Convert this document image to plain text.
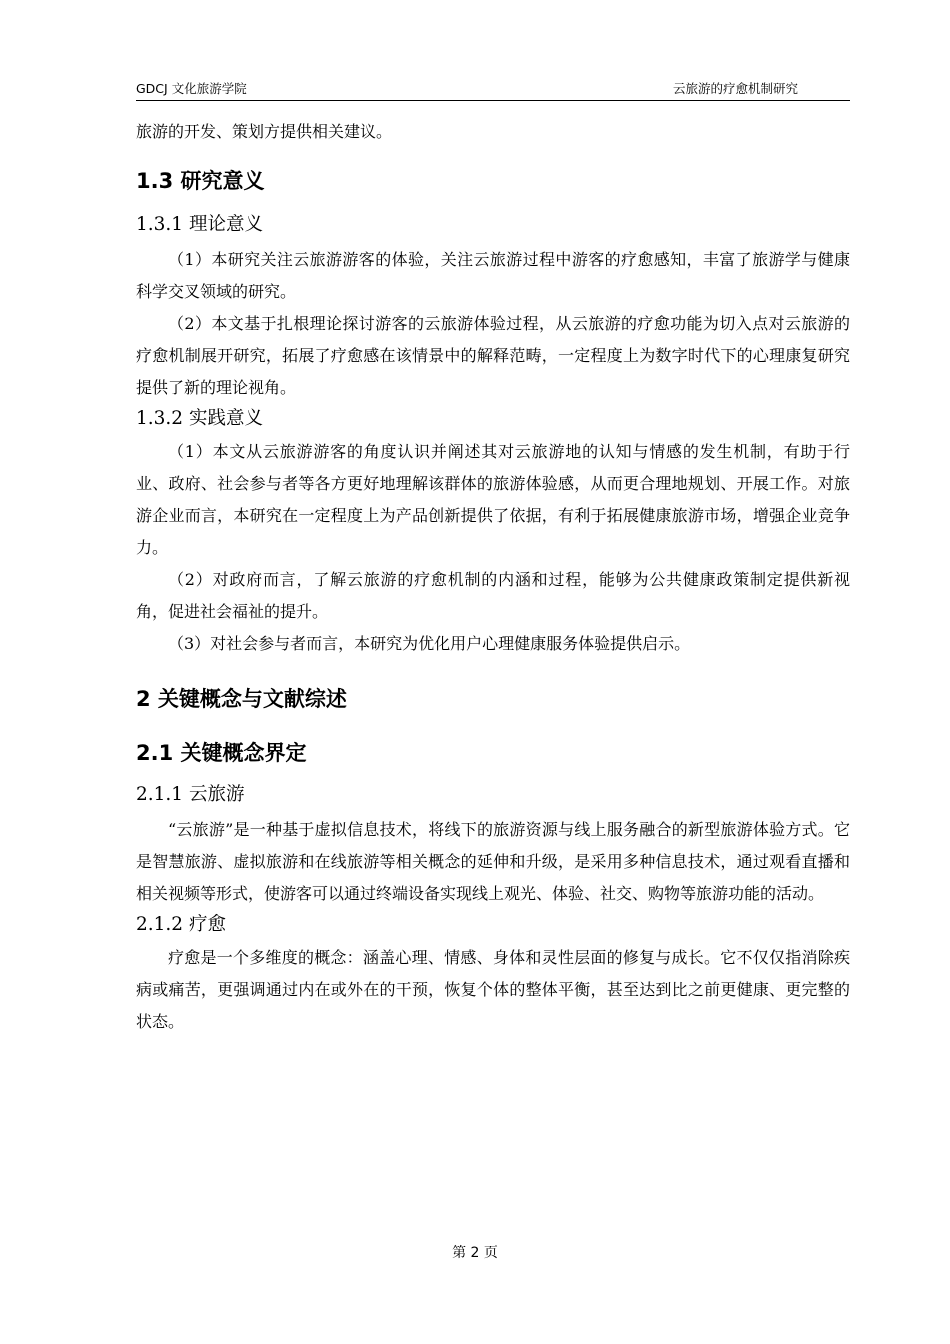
GDCJ 文化旅游学院	云旅游的疗愈机制研究

旅游的开发、策划方提供相关建议。

1.3 研究意义
1.3.1 理论意义

（1）本研究关注云旅游游客的体验，关注云旅游过程中游客的疗愈感知，丰富了旅游学与健康科学交叉领域的研究。

（2）本文基于扎根理论探讨游客的云旅游体验过程，从云旅游的疗愈功能为切入点对云旅游的疗愈机制展开研究，拓展了疗愈感在该情景中的解释范畴，一定程度上为数字时代下的心理康复研究提供了新的理论视角。

1.3.2 实践意义

（1）本文从云旅游游客的角度认识并阐述其对云旅游地的认知与情感的发生机制，有助于行业、政府、社会参与者等各方更好地理解该群体的旅游体验感，从而更合理地规划、开展工作。对旅游企业而言，本研究在一定程度上为产品创新提供了依据，有利于拓展健康旅游市场，增强企业竞争力。

（2）对政府而言，了解云旅游的疗愈机制的内涵和过程，能够为公共健康政策制定提供新视角，促进社会福祉的提升。

（3）对社会参与者而言，本研究为优化用户心理健康服务体验提供启示。

2 关键概念与文献综述
2.1 关键概念界定
2.1.1 云旅游

“云旅游”是一种基于虚拟信息技术，将线下的旅游资源与线上服务融合的新型旅游体验方式。它是智慧旅游、虚拟旅游和在线旅游等相关概念的延伸和升级，是采用多种信息技术，通过观看直播和相关视频等形式，使游客可以通过终端设备实现线上观光、体验、社交、购物等旅游功能的活动。

2.1.2 疗愈

疗愈是一个多维度的概念：涵盖心理、情感、身体和灵性层面的修复与成长。它不仅仅指消除疾病或痛苦，更强调通过内在或外在的干预，恢复个体的整体平衡，甚至达到比之前更健康、更完整的状态。

第 2 页
